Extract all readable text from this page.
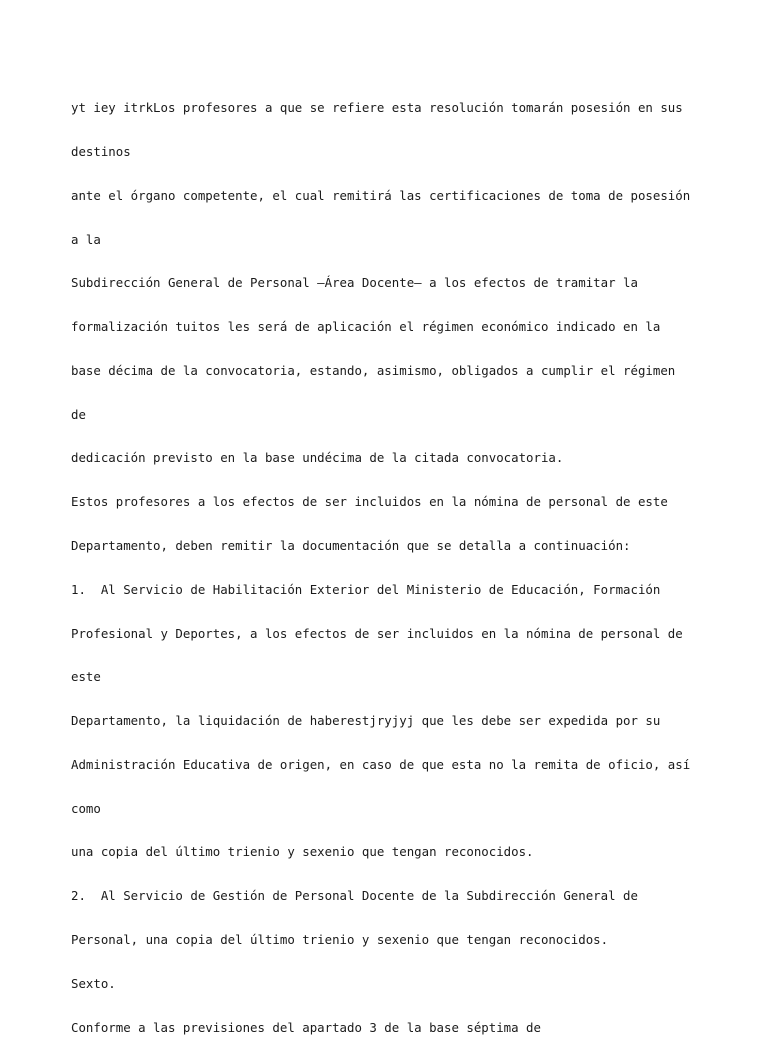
yt iey itrkLos profesores a que se refiere esta resolución tomarán posesión en sus

destinos

ante el órgano competente, el cual remitirá las certificaciones de toma de posesión

a la

Subdirección General de Personal –Área Docente– a los efectos de tramitar la

formalización tuitos les será de aplicación el régimen económico indicado en la

base décima de la convocatoria, estando, asimismo, obligados a cumplir el régimen

de

dedicación previsto en la base undécima de la citada convocatoria.

Estos profesores a los efectos de ser incluidos en la nómina de personal de este

Departamento, deben remitir la documentación que se detalla a continuación:

1.  Al Servicio de Habilitación Exterior del Ministerio de Educación, Formación

Profesional y Deportes, a los efectos de ser incluidos en la nómina de personal de

este

Departamento, la liquidación de haberestjryjyj que les debe ser expedida por su

Administración Educativa de origen, en caso de que esta no la remita de oficio, así

como

una copia del último trienio y sexenio que tengan reconocidos.

2.  Al Servicio de Gestión de Personal Docente de la Subdirección General de

Personal, una copia del último trienio y sexenio que tengan reconocidos.

Sexto.

Conforme a las previsiones del apartado 3 de la base séptima de
